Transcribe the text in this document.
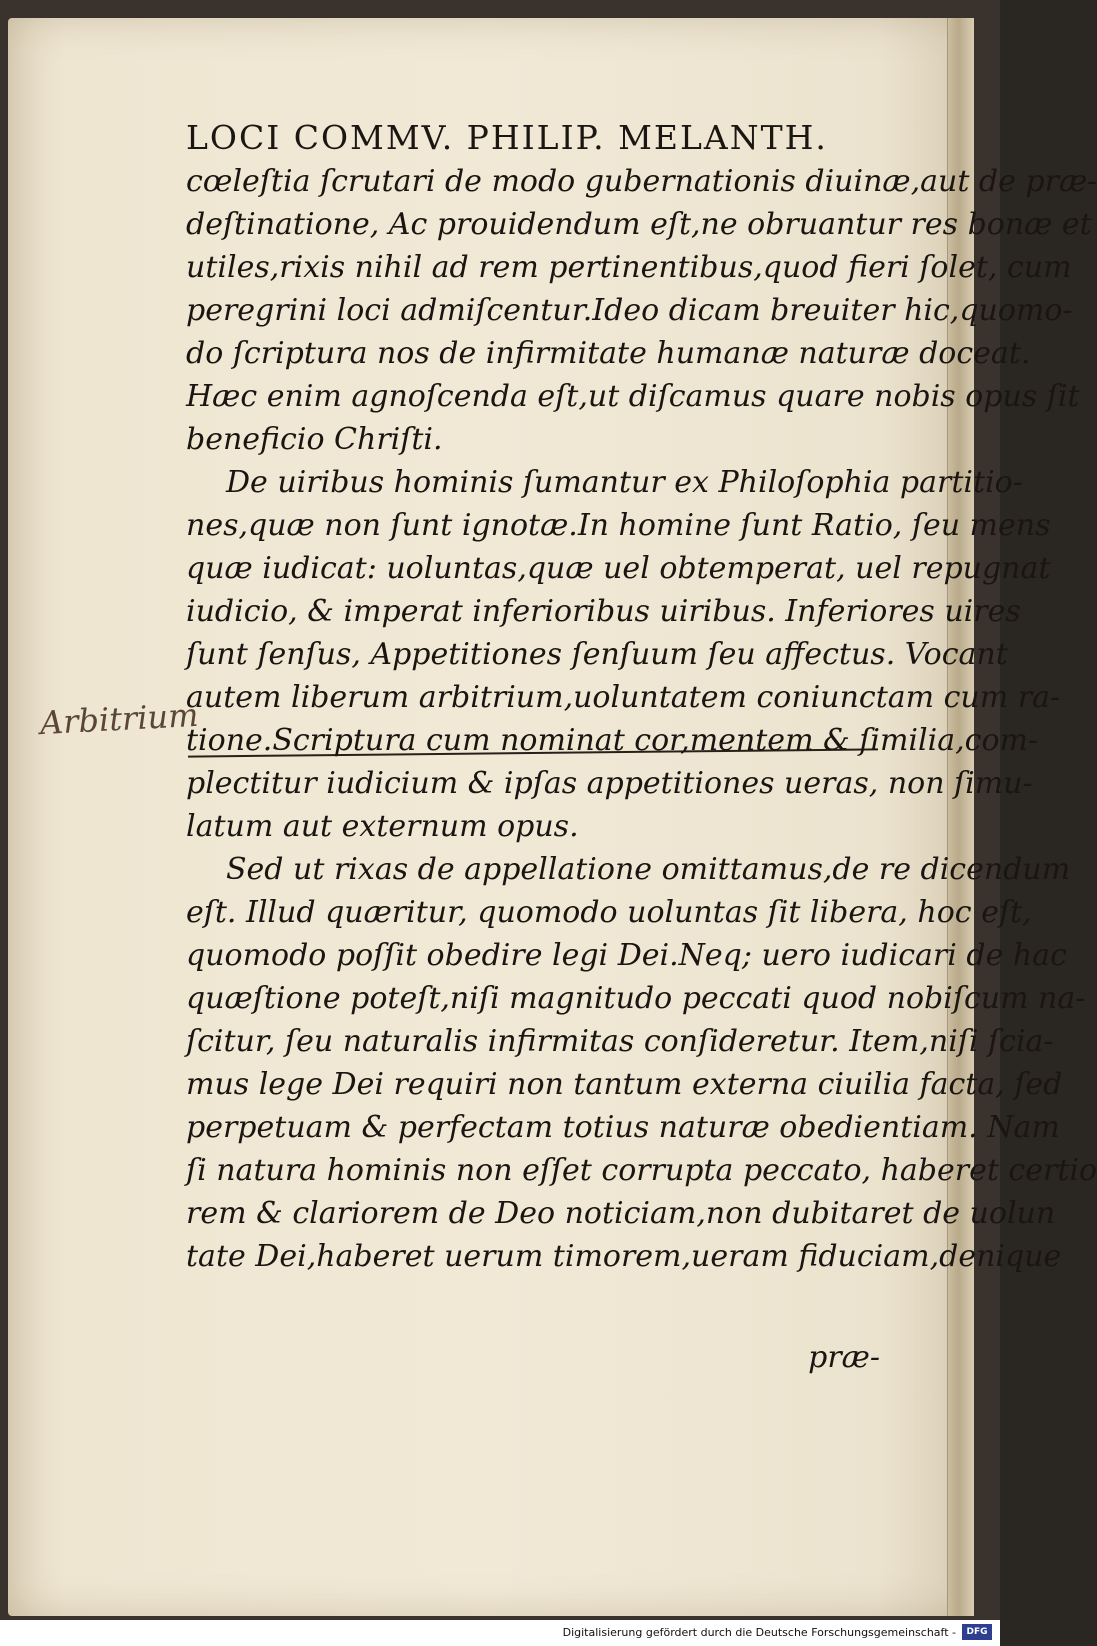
LOCI COMMV. PHILIP. MELANTH.
Arbitrium
cœleſtia ſcrutari de modo gubernationis diuinæ,aut de præ-
deſtinatione, Ac prouidendum eſt,ne obruantur res bonæ et
utiles,rixis nihil ad rem pertinentibus,quod fieri ſolet, cum
peregrini loci admiſcentur.Ideo dicam breuiter hic,quomo-
do ſcriptura nos de infirmitate humanæ naturæ doceat.
Hæc enim agnoſcenda eſt,ut diſcamus quare nobis opus ſit
beneficio Chriſti.
De uiribus hominis ſumantur ex Philoſophia partitio-
nes,quæ non ſunt ignotæ.In homine ſunt Ratio, ſeu mens
quæ iudicat: uoluntas,quæ uel obtemperat, uel repugnat
iudicio, & imperat inferioribus uiribus. Inferiores uires
ſunt ſenſus, Appetitiones ſenſuum ſeu affectus. Vocant
autem liberum arbitrium,uoluntatem coniunctam cum ra-
tione.Scriptura cum nominat cor,mentem & ſimilia,com-
plectitur iudicium & ipſas appetitiones ueras, non ſimu-
latum aut externum opus.
Sed ut rixas de appellatione omittamus,de re dicendum
eſt. Illud quæritur, quomodo uoluntas ſit libera, hoc eſt,
quomodo poſſit obedire legi Dei.Neq; uero iudicari de hac
quæſtione poteſt,niſi magnitudo peccati quod nobiſcum na-
ſcitur, ſeu naturalis infirmitas conſideretur. Item,niſi ſcia-
mus lege Dei requiri non tantum externa ciuilia facta, ſed
perpetuam & perfectam totius naturæ obedientiam. Nam
ſi natura hominis non eſſet corrupta peccato, haberet certio
rem & clariorem de Deo noticiam,non dubitaret de uolun
tate Dei,haberet uerum timorem,ueram fiduciam,denique
præ-
Digitalisierung gefördert durch die Deutsche Forschungsgemeinschaft -	DFG
